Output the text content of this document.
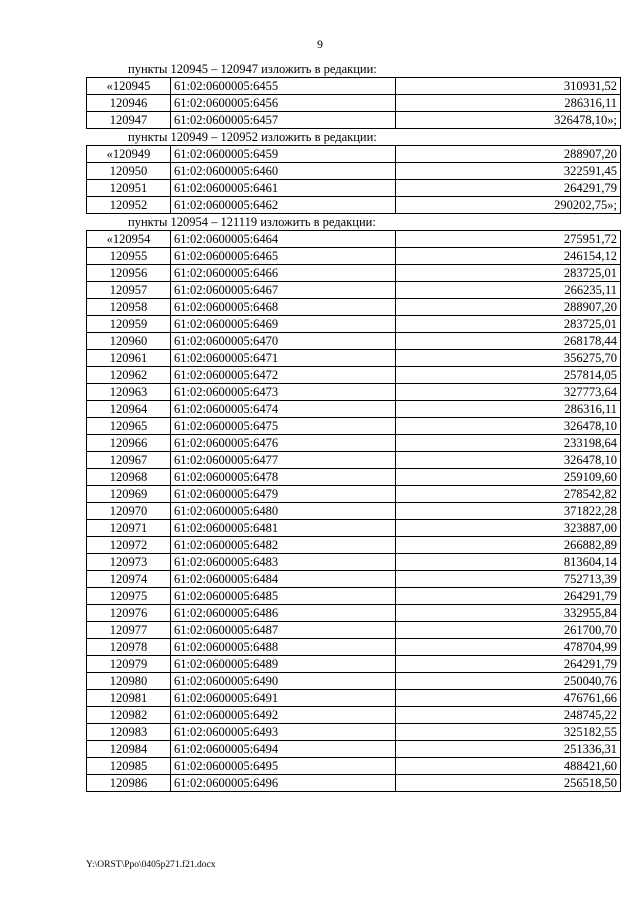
9
пункты 120945 – 120947 изложить в редакции:
«120945	61:02:0600005:6455	310931,52
120946	61:02:0600005:6456	286316,11
120947	61:02:0600005:6457	326478,10»;
пункты 120949 – 120952 изложить в редакции:
«120949	61:02:0600005:6459	288907,20
120950	61:02:0600005:6460	322591,45
120951	61:02:0600005:6461	264291,79
120952	61:02:0600005:6462	290202,75»;
пункты 120954 – 121119 изложить в редакции:
«120954	61:02:0600005:6464	275951,72
120955	61:02:0600005:6465	246154,12
120956	61:02:0600005:6466	283725,01
120957	61:02:0600005:6467	266235,11
120958	61:02:0600005:6468	288907,20
120959	61:02:0600005:6469	283725,01
120960	61:02:0600005:6470	268178,44
120961	61:02:0600005:6471	356275,70
120962	61:02:0600005:6472	257814,05
120963	61:02:0600005:6473	327773,64
120964	61:02:0600005:6474	286316,11
120965	61:02:0600005:6475	326478,10
120966	61:02:0600005:6476	233198,64
120967	61:02:0600005:6477	326478,10
120968	61:02:0600005:6478	259109,60
120969	61:02:0600005:6479	278542,82
120970	61:02:0600005:6480	371822,28
120971	61:02:0600005:6481	323887,00
120972	61:02:0600005:6482	266882,89
120973	61:02:0600005:6483	813604,14
120974	61:02:0600005:6484	752713,39
120975	61:02:0600005:6485	264291,79
120976	61:02:0600005:6486	332955,84
120977	61:02:0600005:6487	261700,70
120978	61:02:0600005:6488	478704,99
120979	61:02:0600005:6489	264291,79
120980	61:02:0600005:6490	250040,76
120981	61:02:0600005:6491	476761,66
120982	61:02:0600005:6492	248745,22
120983	61:02:0600005:6493	325182,55
120984	61:02:0600005:6494	251336,31
120985	61:02:0600005:6495	488421,60
120986	61:02:0600005:6496	256518,50
Y:\ORST\Ppo\0405p271.f21.docx
